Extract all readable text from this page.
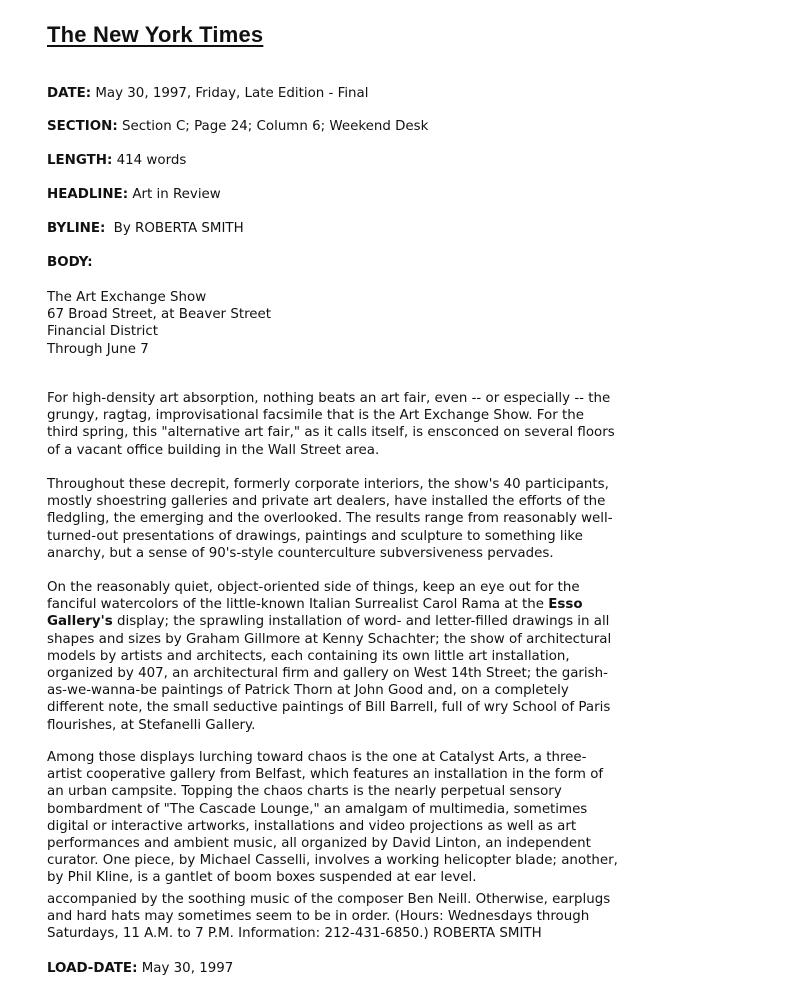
The New York Times
DATE: May 30, 1997, Friday, Late Edition - Final
SECTION: Section C; Page 24; Column 6; Weekend Desk
LENGTH: 414 words
HEADLINE: Art in Review
BYLINE: By ROBERTA SMITH
BODY:
The Art Exchange Show
67 Broad Street, at Beaver Street
Financial District
Through June 7
For high-density art absorption, nothing beats an art fair, even -- or especially -- the
grungy, ragtag, improvisational facsimile that is the Art Exchange Show. For the
third spring, this "alternative art fair," as it calls itself, is ensconced on several floors
of a vacant office building in the Wall Street area.
Throughout these decrepit, formerly corporate interiors, the show's 40 participants,
mostly shoestring galleries and private art dealers, have installed the efforts of the
fledgling, the emerging and the overlooked. The results range from reasonably well-
turned-out presentations of drawings, paintings and sculpture to something like
anarchy, but a sense of 90's-style counterculture subversiveness pervades.
On the reasonably quiet, object-oriented side of things, keep an eye out for the
fanciful watercolors of the little-known Italian Surrealist Carol Rama at the Esso
Gallery's display; the sprawling installation of word- and letter-filled drawings in all
shapes and sizes by Graham Gillmore at Kenny Schachter; the show of architectural
models by artists and architects, each containing its own little art installation,
organized by 407, an architectural firm and gallery on West 14th Street; the garish-
as-we-wanna-be paintings of Patrick Thorn at John Good and, on a completely
different note, the small seductive paintings of Bill Barrell, full of wry School of Paris
flourishes, at Stefanelli Gallery.
Among those displays lurching toward chaos is the one at Catalyst Arts, a three-
artist cooperative gallery from Belfast, which features an installation in the form of
an urban campsite. Topping the chaos charts is the nearly perpetual sensory
bombardment of "The Cascade Lounge," an amalgam of multimedia, sometimes
digital or interactive artworks, installations and video projections as well as art
performances and ambient music, all organized by David Linton, an independent
curator. One piece, by Michael Casselli, involves a working helicopter blade; another,
by Phil Kline, is a gantlet of boom boxes suspended at ear level.
accompanied by the soothing music of the composer Ben Neill. Otherwise, earplugs
and hard hats may sometimes seem to be in order. (Hours: Wednesdays through
Saturdays, 11 A.M. to 7 P.M. Information: 212-431-6850.) ROBERTA SMITH
LOAD-DATE: May 30, 1997
